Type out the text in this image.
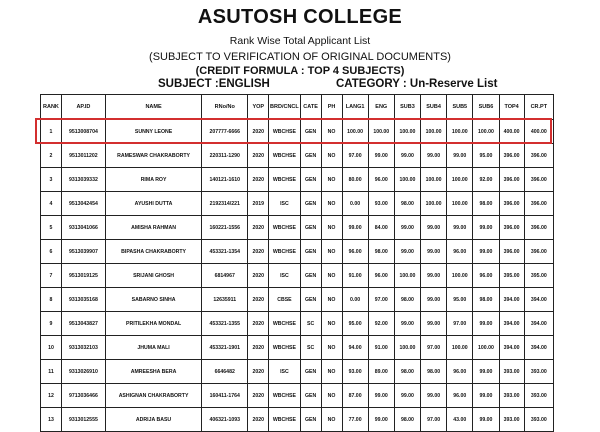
ASUTOSH COLLEGE
Rank Wise Total Applicant List
(SUBJECT TO VERIFICATION OF ORIGINAL DOCUMENTS)
(CREDIT FORMULA : TOP 4 SUBJECTS)
SUBJECT :ENGLISH	CATEGORY : Un-Reserve List
RANK	AP.ID	NAME	RNo/No	YOP	BRD/CNCL	CATE	PH	LANG1	ENG	SUB3	SUB4	SUB5	SUB6	TOP4	CR.PT
1	9513008704	SUNNY LEONE	207777-6666	2020	WBCHSE	GEN	NO	100.00	100.00	100.00	100.00	100.00	100.00	400.00	400.00
2	9513011202	RAMESWAR CHAKRABORTY	220311-1290	2020	WBCHSE	GEN	NO	97.00	99.00	99.00	99.00	99.00	95.00	396.00	396.00
3	9313039332	RIMA ROY	140121-1610	2020	WBCHSE	GEN	NO	80.00	96.00	100.00	100.00	100.00	92.00	396.00	396.00
4	9513042454	AYUSHI DUTTA	2192314/221	2019	ISC	GEN	NO	0.00	93.00	98.00	100.00	100.00	98.00	396.00	396.00
5	9313041066	AMISHA RAHMAN	160221-1556	2020	WBCHSE	GEN	NO	99.00	84.00	99.00	99.00	99.00	99.00	396.00	396.00
6	9513039907	BIPASHA CHAKRABORTY	453321-1354	2020	WBCHSE	GEN	NO	96.00	98.00	99.00	99.00	96.00	99.00	396.00	396.00
7	9513019125	SRIJANI GHOSH	6814967	2020	ISC	GEN	NO	91.00	96.00	100.00	99.00	100.00	96.00	395.00	395.00
8	9313035168	SABARNO SINHA	12635911	2020	CBSE	GEN	NO	0.00	97.00	98.00	99.00	95.00	98.00	394.00	394.00
9	9513043827	PRITILEKHA MONDAL	453321-1355	2020	WBCHSE	SC	NO	95.00	92.00	99.00	99.00	97.00	99.00	394.00	394.00
10	9313032103	JHUMA MALI	453321-1901	2020	WBCHSE	SC	NO	94.00	91.00	100.00	97.00	100.00	100.00	394.00	394.00
11	9313026910	AMREESHA BERA	6646482	2020	ISC	GEN	NO	93.00	89.00	98.00	98.00	96.00	99.00	393.00	393.00
12	9713036466	ASHIGNAN CHAKRABORTY	160411-1764	2020	WBCHSE	GEN	NO	87.00	99.00	99.00	99.00	96.00	99.00	393.00	393.00
13	9313012555	ADRIJA BASU	406321-1093	2020	WBCHSE	GEN	NO	77.00	99.00	98.00	97.00	43.00	99.00	393.00	393.00
